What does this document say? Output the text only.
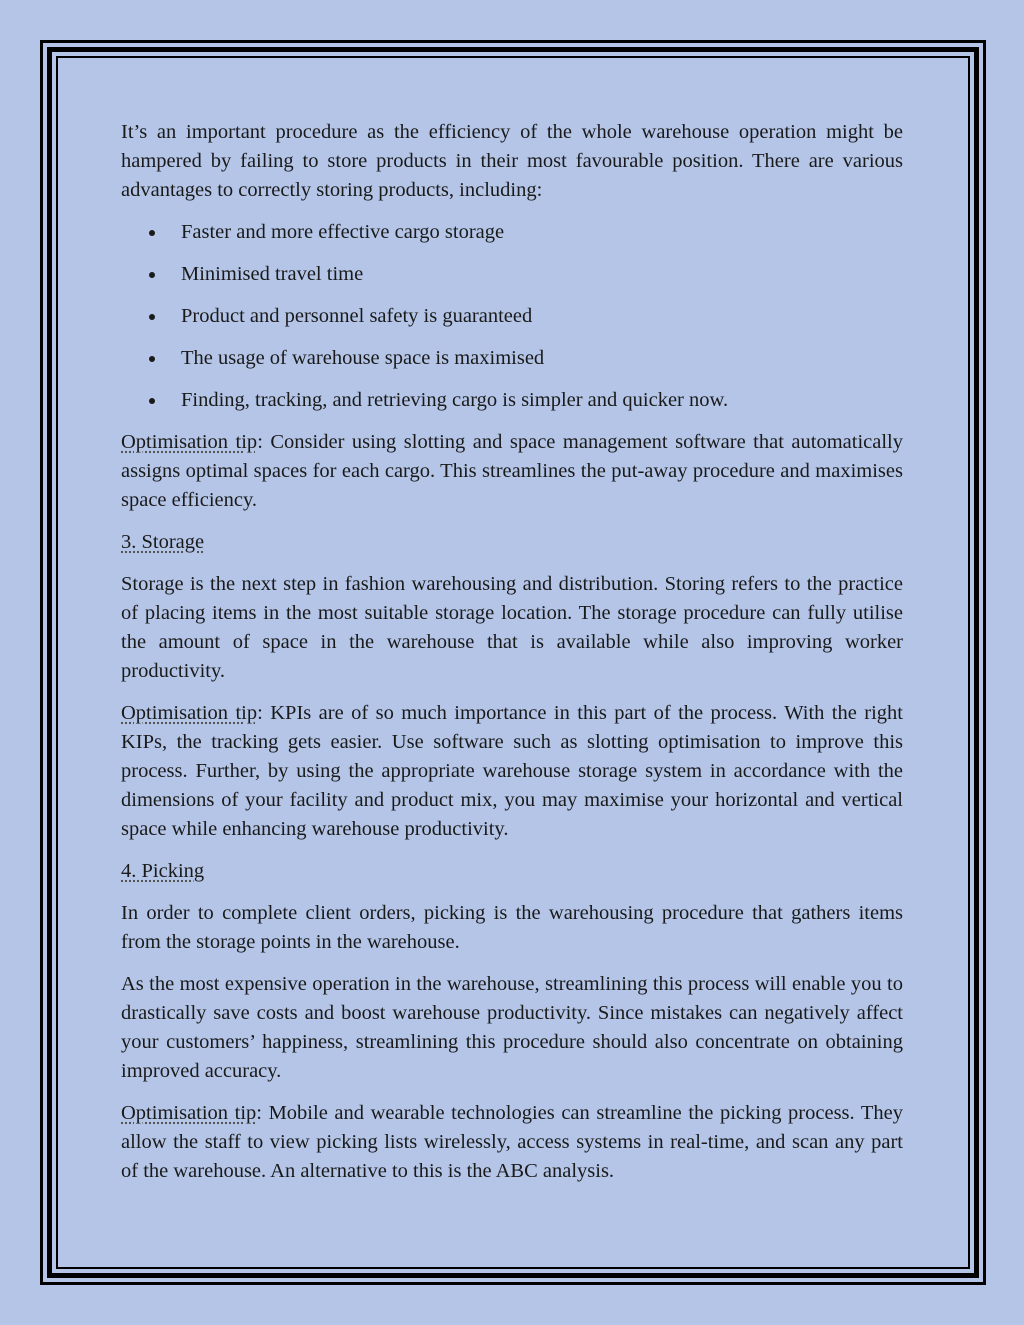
It’s an important procedure as the efficiency of the whole warehouse operation might be hampered by failing to store products in their most favourable position. There are various advantages to correctly storing products, including:

Faster and more effective cargo storage
Minimised travel time
Product and personnel safety is guaranteed
The usage of warehouse space is maximised
Finding, tracking, and retrieving cargo is simpler and quicker now.

Optimisation tip: Consider using slotting and space management software that automatically assigns optimal spaces for each cargo. This streamlines the put-away procedure and maximises space efficiency.

3. Storage

Storage is the next step in fashion warehousing and distribution. Storing refers to the practice of placing items in the most suitable storage location. The storage procedure can fully utilise the amount of space in the warehouse that is available while also improving worker productivity.

Optimisation tip: KPIs are of so much importance in this part of the process. With the right KIPs, the tracking gets easier. Use software such as slotting optimisation to improve this process. Further, by using the appropriate warehouse storage system in accordance with the dimensions of your facility and product mix, you may maximise your horizontal and vertical space while enhancing warehouse productivity.

4. Picking

In order to complete client orders, picking is the warehousing procedure that gathers items from the storage points in the warehouse.

As the most expensive operation in the warehouse, streamlining this process will enable you to drastically save costs and boost warehouse productivity. Since mistakes can negatively affect your customers’ happiness, streamlining this procedure should also concentrate on obtaining improved accuracy.

Optimisation tip: Mobile and wearable technologies can streamline the picking process. They allow the staff to view picking lists wirelessly, access systems in real-time, and scan any part of the warehouse. An alternative to this is the ABC analysis.
